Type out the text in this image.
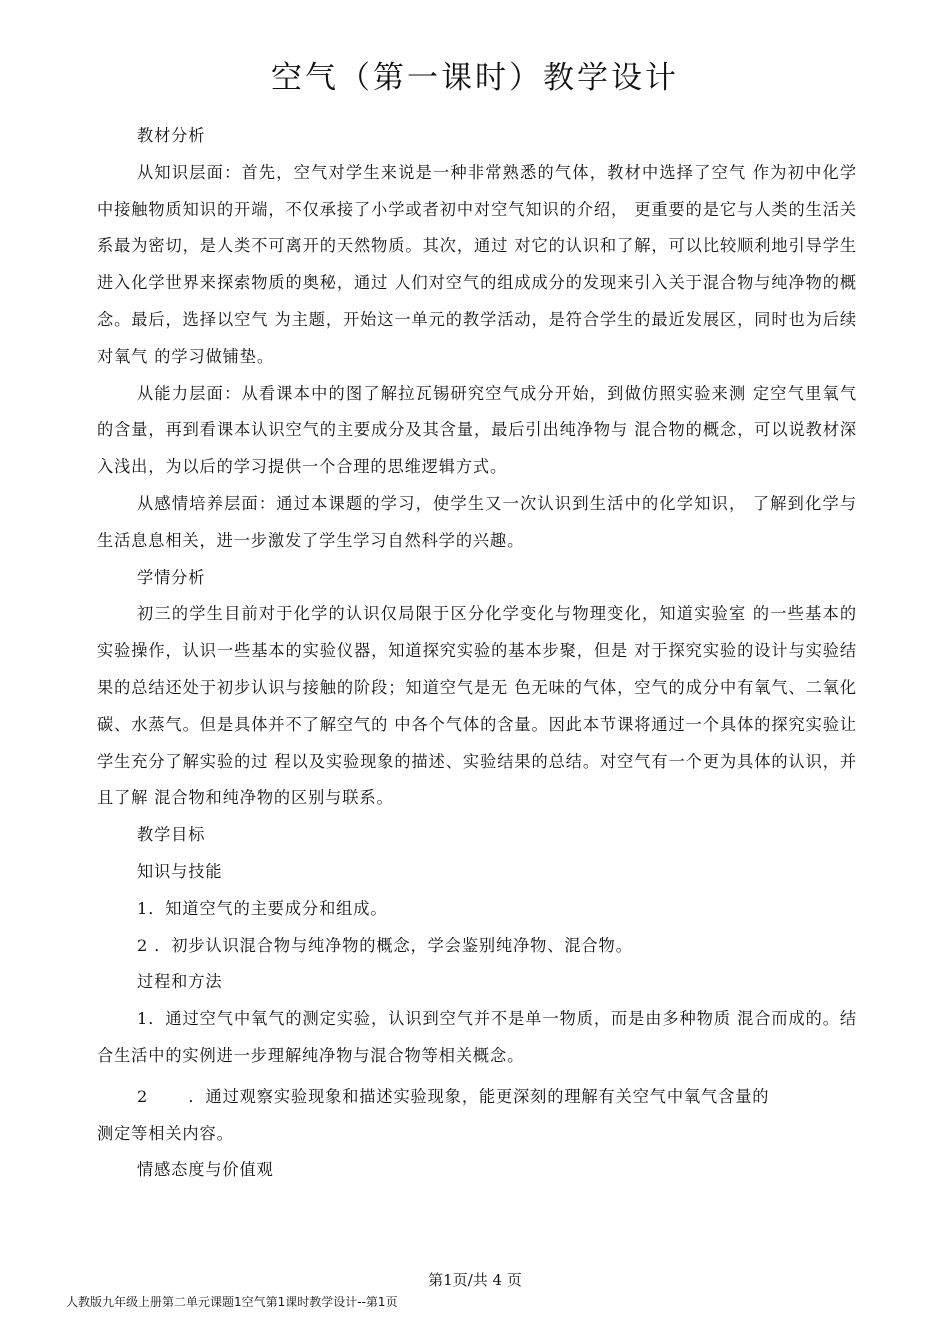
空气（第一课时）教学设计

教材分析

从知识层面：首先，空气对学生来说是一种非常熟悉的气体，教材中选择了空气 作为初中化学中接触物质知识的开端，不仅承接了小学或者初中对空气知识的介绍， 更重要的是它与人类的生活关系最为密切，是人类不可离开的天然物质。其次，通过 对它的认识和了解，可以比较顺利地引导学生进入化学世界来探索物质的奥秘，通过 人们对空气的组成成分的发现来引入关于混合物与纯净物的概念。最后，选择以空气 为主题，开始这一单元的教学活动，是符合学生的最近发展区，同时也为后续对氧气 的学习做铺垫。

从能力层面：从看课本中的图了解拉瓦锡研究空气成分开始，到做仿照实验来测 定空气里氧气的含量，再到看课本认识空气的主要成分及其含量，最后引出纯净物与 混合物的概念，可以说教材深入浅出，为以后的学习提供一个合理的思维逻辑方式。

从感情培养层面：通过本课题的学习，使学生又一次认识到生活中的化学知识， 了解到化学与生活息息相关，进一步激发了学生学习自然科学的兴趣。

学情分析

初三的学生目前对于化学的认识仅局限于区分化学变化与物理变化，知道实验室 的一些基本的实验操作，认识一些基本的实验仪器，知道探究实验的基本步聚，但是 对于探究实验的设计与实验结果的总结还处于初步认识与接触的阶段；知道空气是无 色无味的气体，空气的成分中有氧气、二氧化碳、水蒸气。但是具体并不了解空气的 中各个气体的含量。因此本节课将通过一个具体的探究实验让学生充分了解实验的过 程以及实验现象的描述、实验结果的总结。对空气有一个更为具体的认识，并且了解 混合物和纯净物的区别与联系。

教学目标

知识与技能

1．知道空气的主要成分和组成。

2 ．初步认识混合物与纯净物的概念，学会鉴别纯净物、混合物。

过程和方法

1．通过空气中氧气的测定实验，认识到空气并不是单一物质，而是由多种物质 混合而成的。结合生活中的实例进一步理解纯净物与混合物等相关概念。

2   ．通过观察实验现象和描述实验现象，能更深刻的理解有关空气中氧气含量的

测定等相关内容。

情感态度与价值观

第1页/共 4 页
人教版九年级上册第二单元课题1空气第1课时教学设计--第1页
